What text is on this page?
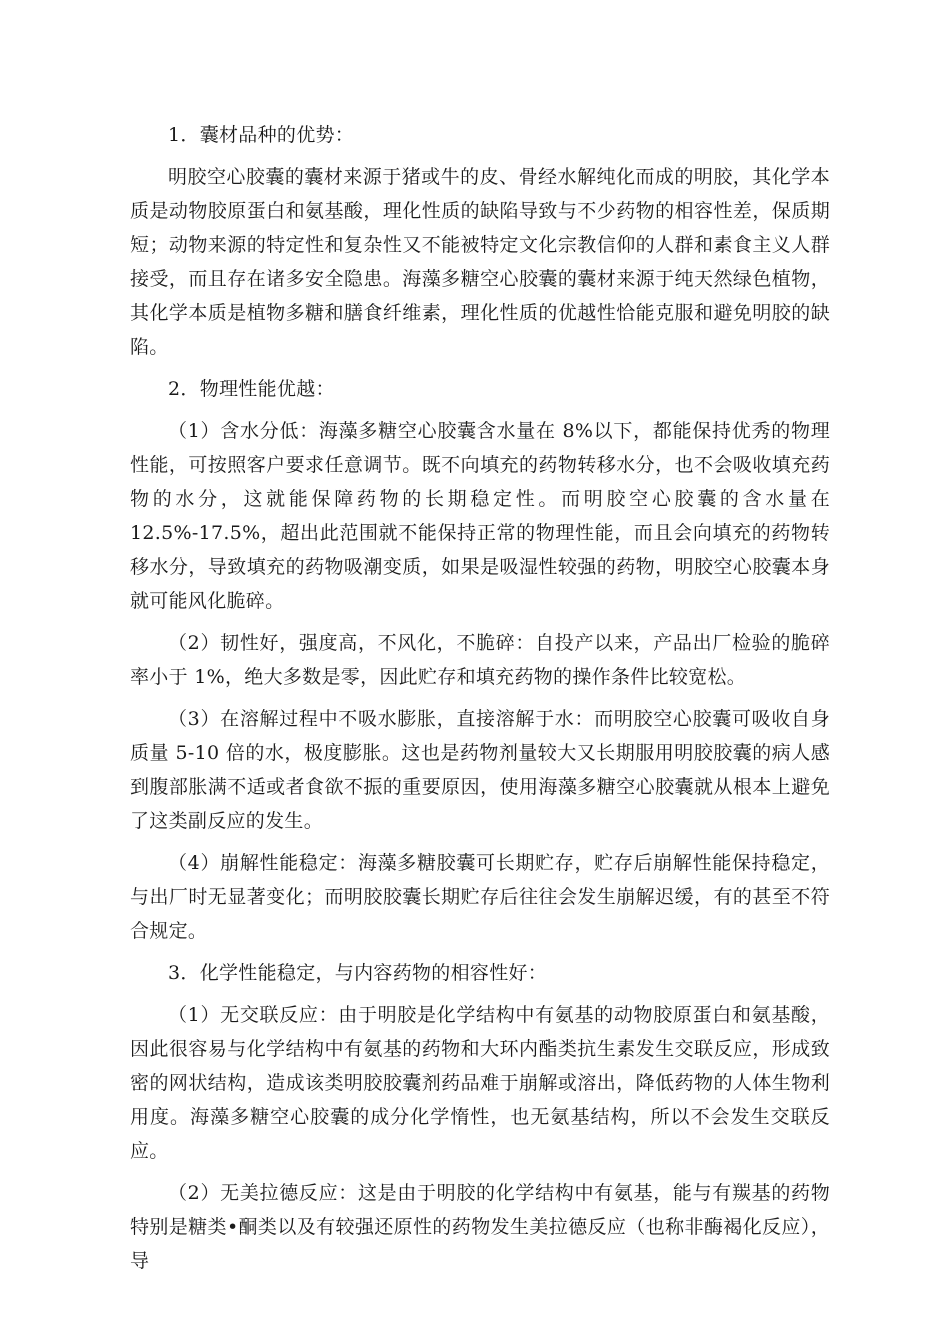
1．囊材品种的优势：

明胶空心胶囊的囊材来源于猪或牛的皮、骨经水解纯化而成的明胶，其化学本质是动物胶原蛋白和氨基酸，理化性质的缺陷导致与不少药物的相容性差，保质期短；动物来源的特定性和复杂性又不能被特定文化宗教信仰的人群和素食主义人群接受，而且存在诸多安全隐患。海藻多糖空心胶囊的囊材来源于纯天然绿色植物，其化学本质是植物多糖和膳食纤维素，理化性质的优越性恰能克服和避免明胶的缺陷。

2．物理性能优越：

（1）含水分低：海藻多糖空心胶囊含水量在 8%以下，都能保持优秀的物理性能，可按照客户要求任意调节。既不向填充的药物转移水分，也不会吸收填充药物的水分，这就能保障药物的长期稳定性。而明胶空心胶囊的含水量在 12.5%-17.5%，超出此范围就不能保持正常的物理性能，而且会向填充的药物转移水分，导致填充的药物吸潮变质，如果是吸湿性较强的药物，明胶空心胶囊本身就可能风化脆碎。

（2）韧性好，强度高，不风化，不脆碎：自投产以来，产品出厂检验的脆碎率小于 1%，绝大多数是零，因此贮存和填充药物的操作条件比较宽松。

（3）在溶解过程中不吸水膨胀，直接溶解于水：而明胶空心胶囊可吸收自身质量 5-10 倍的水，极度膨胀。这也是药物剂量较大又长期服用明胶胶囊的病人感到腹部胀满不适或者食欲不振的重要原因，使用海藻多糖空心胶囊就从根本上避免了这类副反应的发生。

（4）崩解性能稳定：海藻多糖胶囊可长期贮存，贮存后崩解性能保持稳定，与出厂时无显著变化；而明胶胶囊长期贮存后往往会发生崩解迟缓，有的甚至不符合规定。

3．化学性能稳定，与内容药物的相容性好：

（1）无交联反应：由于明胶是化学结构中有氨基的动物胶原蛋白和氨基酸，因此很容易与化学结构中有氨基的药物和大环内酯类抗生素发生交联反应，形成致密的网状结构，造成该类明胶胶囊剂药品难于崩解或溶出，降低药物的人体生物利用度。海藻多糖空心胶囊的成分化学惰性，也无氨基结构，所以不会发生交联反应。

（2）无美拉德反应：这是由于明胶的化学结构中有氨基，能与有羰基的药物特别是糖类•酮类以及有较强还原性的药物发生美拉德反应（也称非酶褐化反应），导
